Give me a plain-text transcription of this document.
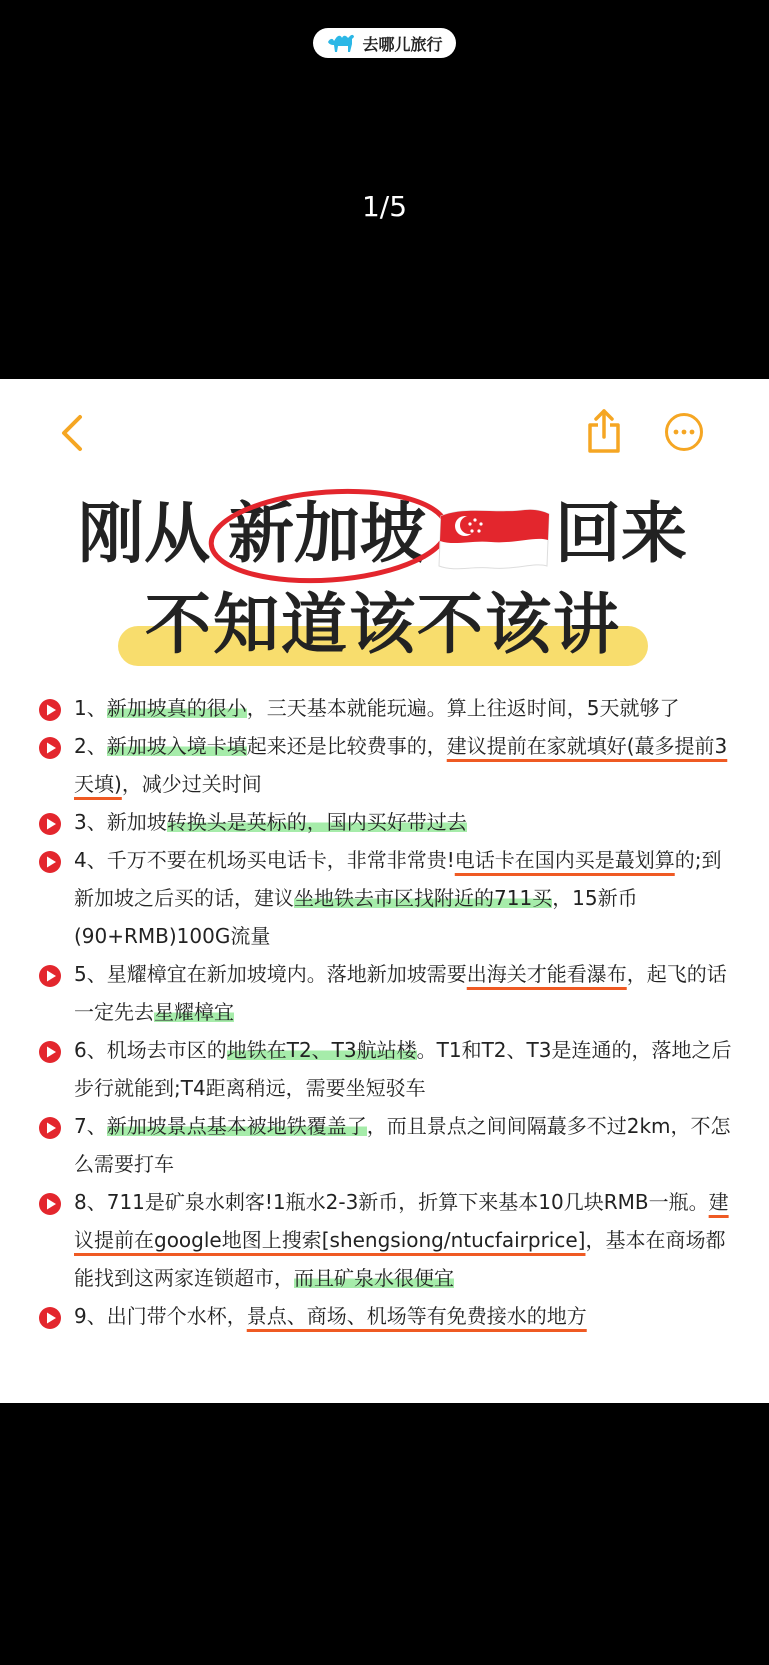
去哪儿旅行
1/5
刚从 新加坡 回来
不知道该不该讲
1、新加坡真的很小，三天基本就能玩遍。算上往返时间，5天就够了
2、新加坡入境卡填起来还是比较费事的，建议提前在家就填好(蕞多提前3天填)，减少过关时间
3、新加坡转换头是英标的，国内买好带过去
4、千万不要在机场买电话卡，非常非常贵!电话卡在国内买是蕞划算的;到新加坡之后买的话，建议坐地铁去市区找附近的711买，15新币(90+RMB)100G流量
5、星耀樟宜在新加坡境内。落地新加坡需要出海关才能看瀑布，起飞的话一定先去星耀樟宜
6、机场去市区的地铁在T2、T3航站楼。T1和T2、T3是连通的，落地之后步行就能到;T4距离稍远，需要坐短驳车
7、新加坡景点基本被地铁覆盖了，而且景点之间间隔蕞多不过2km，不怎么需要打车
8、711是矿泉水刺客!1瓶水2-3新币，折算下来基本10几块RMB一瓶。建议提前在google地图上搜索[shengsiong/ntucfairprice]，基本在商场都能找到这两家连锁超市，而且矿泉水很便宜
9、出门带个水杯，景点、商场、机场等有免费接水的地方
